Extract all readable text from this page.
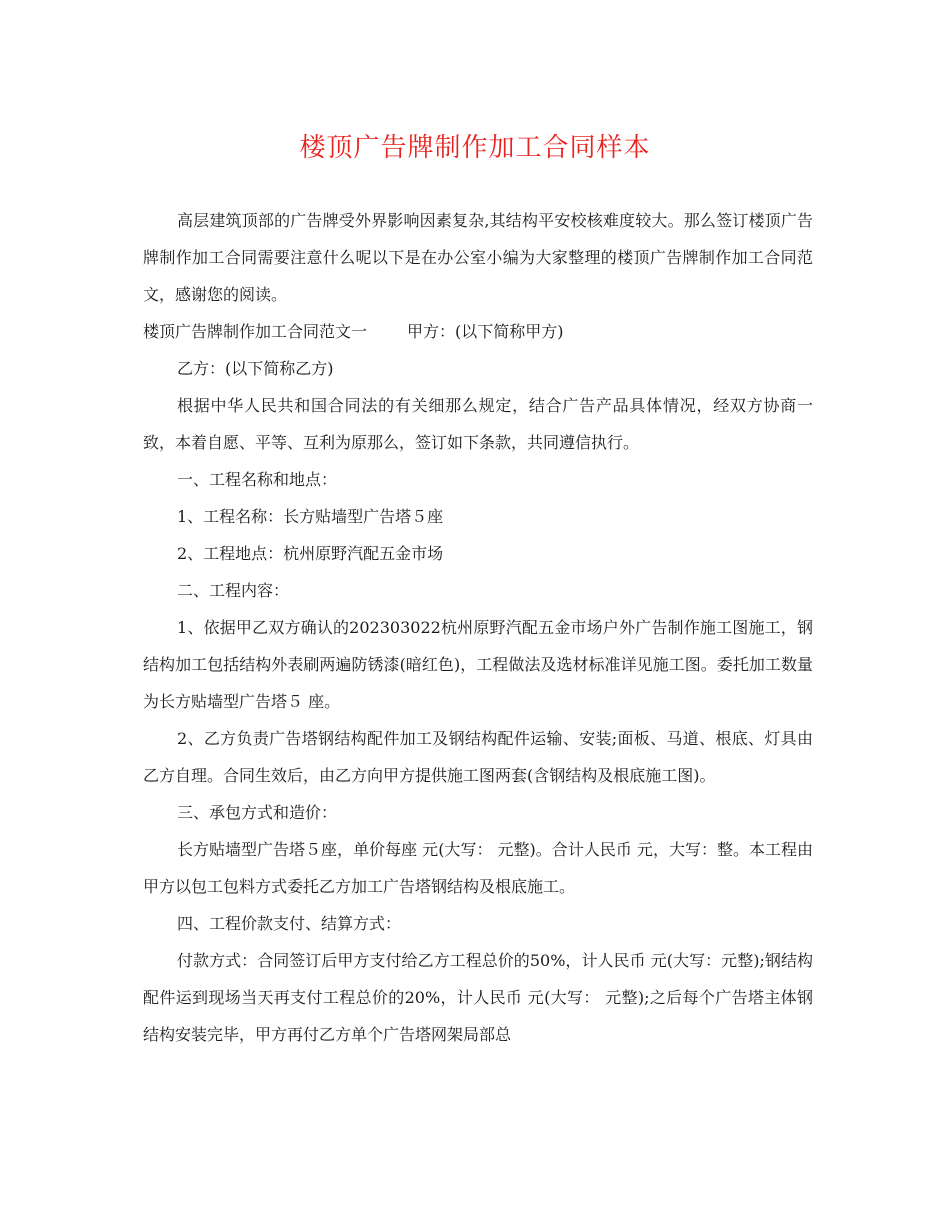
楼顶广告牌制作加工合同样本

高层建筑顶部的广告牌受外界影响因素复杂,其结构平安校核难度较大。那么签订楼顶广告牌制作加工合同需要注意什么呢以下是在办公室小编为大家整理的楼顶广告牌制作加工合同范文，感谢您的阅读。

楼顶广告牌制作加工合同范文一	甲方：(以下简称甲方)

乙方：(以下简称乙方)

根据中华人民共和国合同法的有关细那么规定，结合广告产品具体情况，经双方协商一致，本着自愿、平等、互利为原那么，签订如下条款，共同遵信执行。

一、工程名称和地点：

1、工程名称：长方贴墙型广告塔５座

2、工程地点：杭州原野汽配五金市场

二、工程内容：

1、依据甲乙双方确认的202303022杭州原野汽配五金市场户外广告制作施工图施工，钢结构加工包括结构外表刷两遍防锈漆(暗红色)，工程做法及选材标准详见施工图。委托加工数量为长方贴墙型广告塔５ 座。

2、乙方负责广告塔钢结构配件加工及钢结构配件运输、安装;面板、马道、根底、灯具由乙方自理。合同生效后，由乙方向甲方提供施工图两套(含钢结构及根底施工图)。

三、承包方式和造价：

长方贴墙型广告塔５座，单价每座 元(大写： 元整)。合计人民币 元，大写：整。本工程由甲方以包工包料方式委托乙方加工广告塔钢结构及根底施工。

四、工程价款支付、结算方式：

付款方式：合同签订后甲方支付给乙方工程总价的50%，计人民币 元(大写：元整);钢结构配件运到现场当天再支付工程总价的20%，计人民币 元(大写： 元整);之后每个广告塔主体钢结构安装完毕，甲方再付乙方单个广告塔网架局部总
